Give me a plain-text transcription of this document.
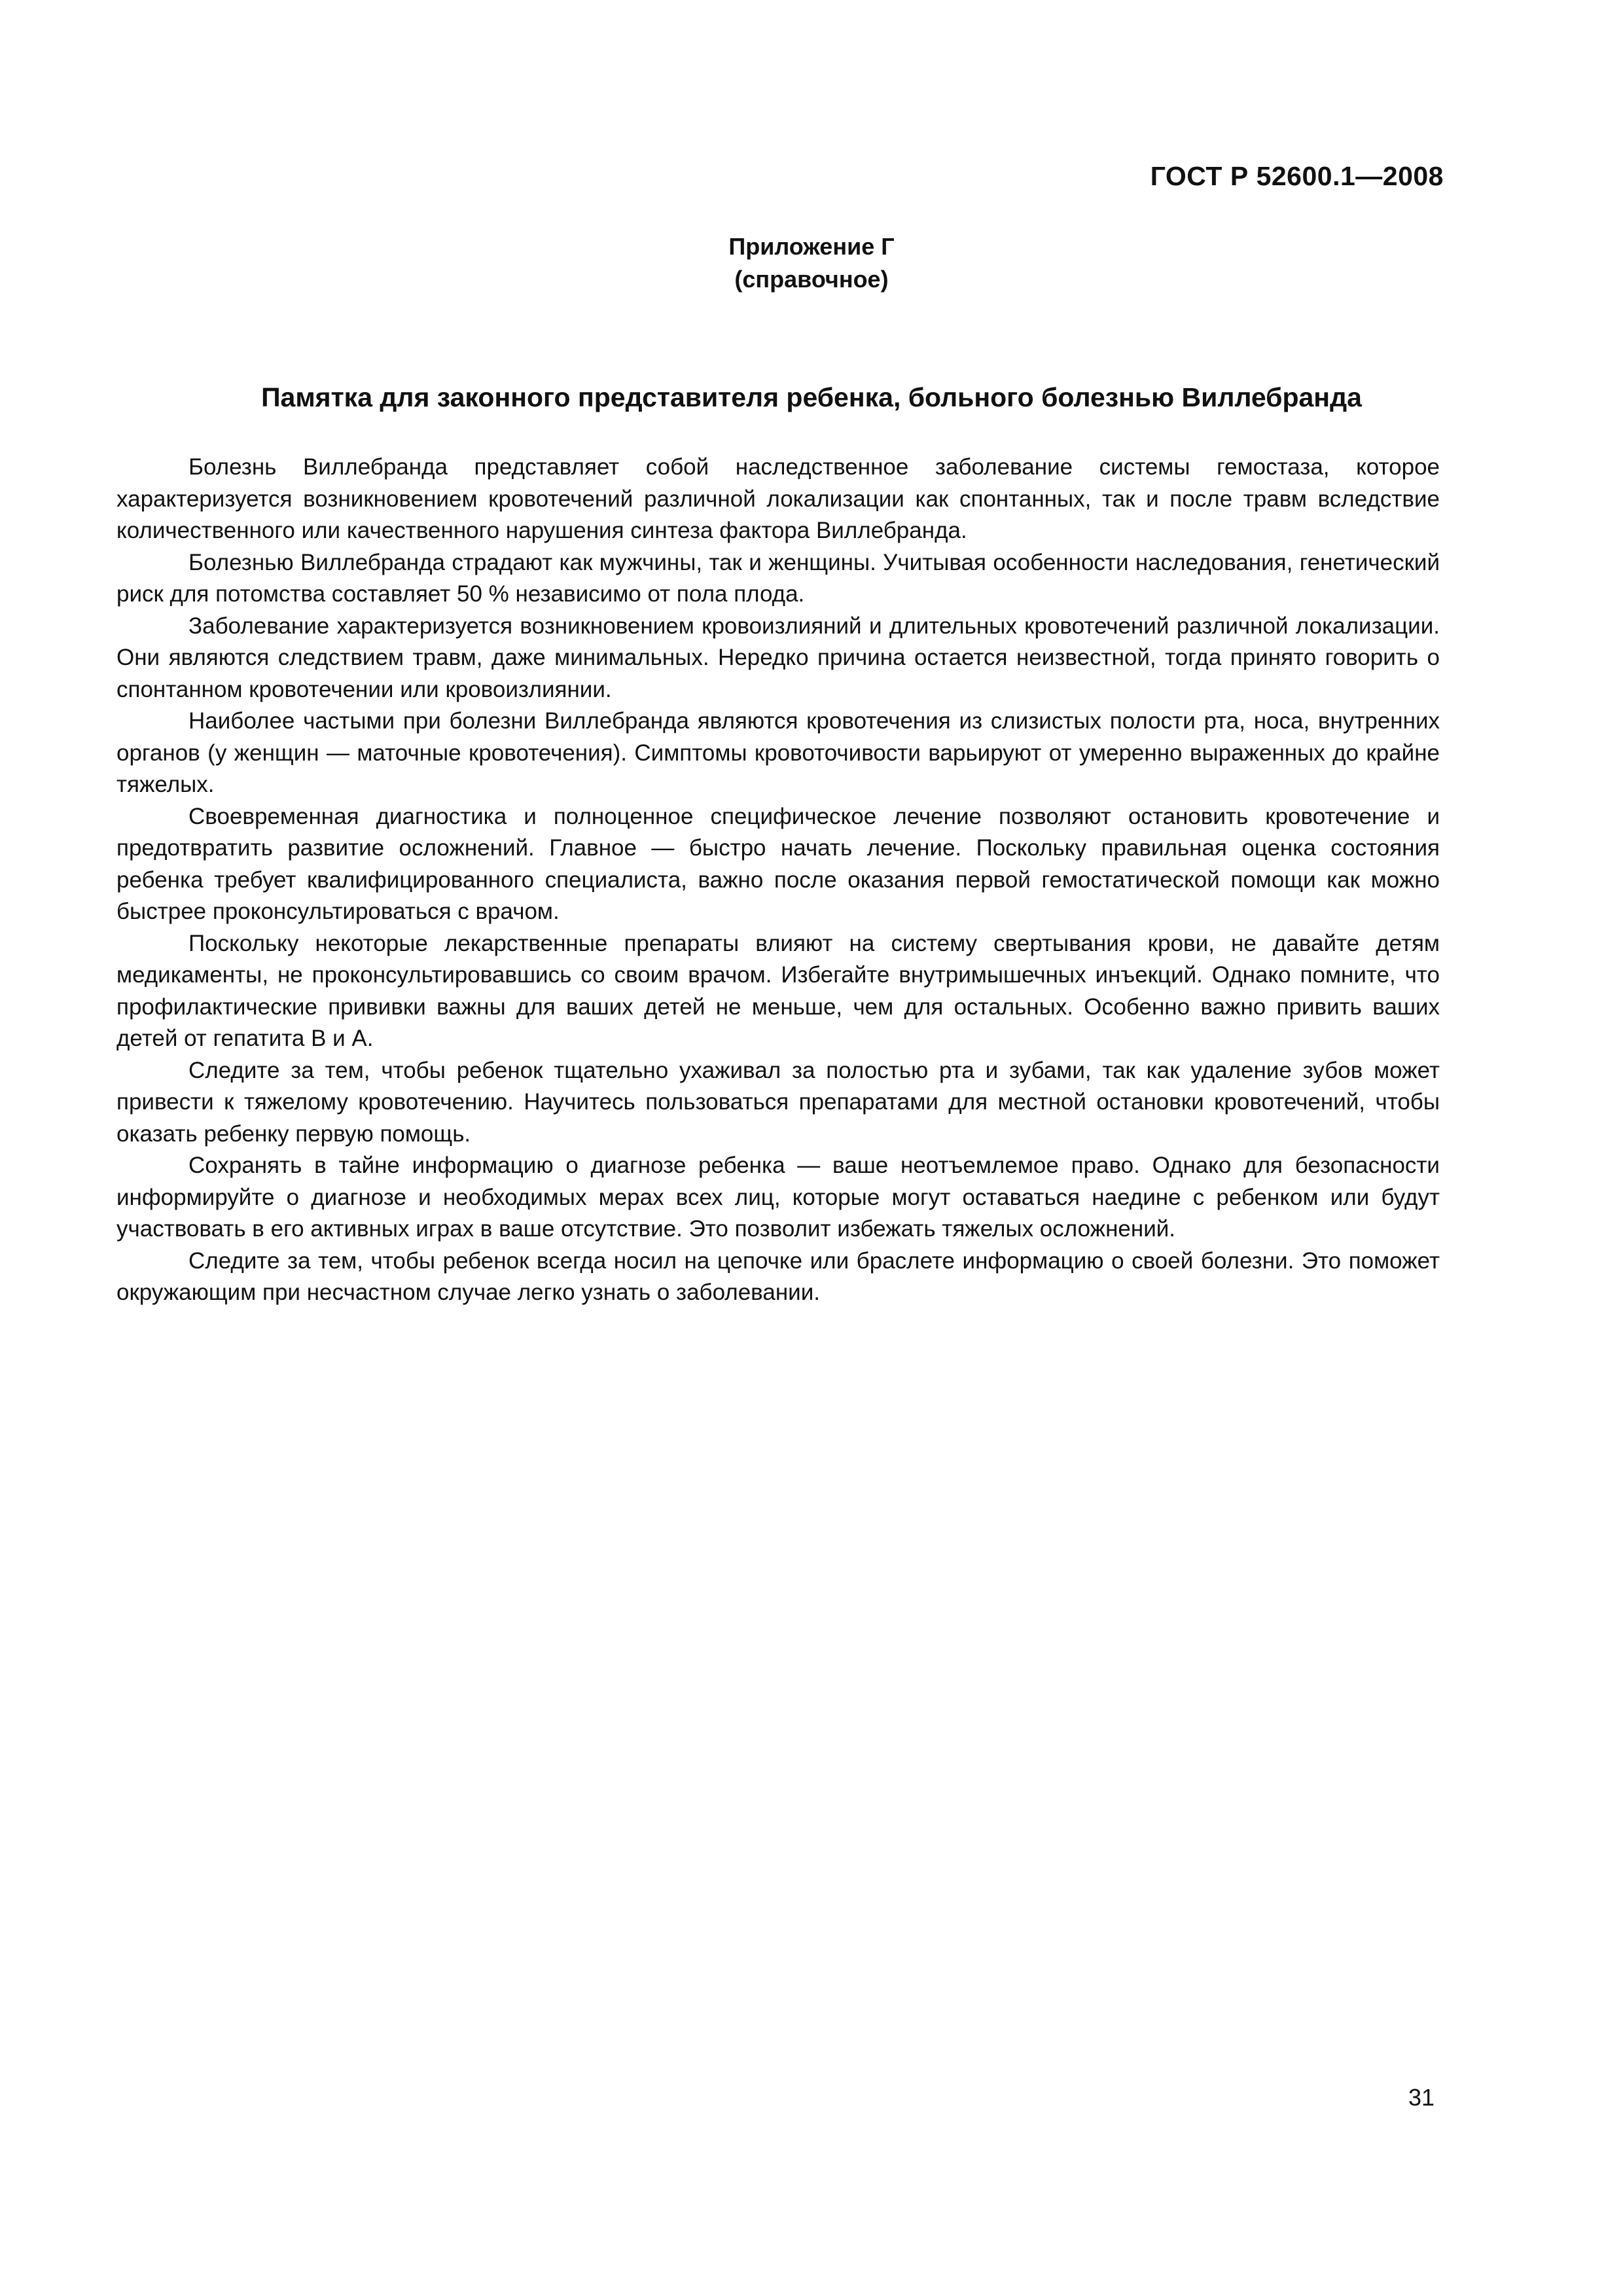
ГОСТ Р 52600.1—2008

Приложение Г
(справочное)
Памятка для законного представителя ребенка, больного болезнью Виллебранда

Болезнь Виллебранда представляет собой наследственное заболевание системы гемостаза, которое характеризуется возникновением кровотечений различной локализации как спонтанных, так и после травм вследствие количественного или качественного нарушения синтеза фактора Виллебранда.

Болезнью Виллебранда страдают как мужчины, так и женщины. Учитывая особенности наследования, генетический риск для потомства составляет 50 % независимо от пола плода.

Заболевание характеризуется возникновением кровоизлияний и длительных кровотечений различной локализации. Они являются следствием травм, даже минимальных. Нередко причина остается неизвестной, тогда принято говорить о спонтанном кровотечении или кровоизлиянии.

Наиболее частыми при болезни Виллебранда являются кровотечения из слизистых полости рта, носа, внутренних органов (у женщин — маточные кровотечения). Симптомы кровоточивости варьируют от умеренно выраженных до крайне тяжелых.

Своевременная диагностика и полноценное специфическое лечение позволяют остановить кровотечение и предотвратить развитие осложнений. Главное — быстро начать лечение. Поскольку правильная оценка состояния ребенка требует квалифицированного специалиста, важно после оказания первой гемостатической помощи как можно быстрее проконсультироваться с врачом.

Поскольку некоторые лекарственные препараты влияют на систему свертывания крови, не давайте детям медикаменты, не проконсультировавшись со своим врачом. Избегайте внутримышечных инъекций. Однако помните, что профилактические прививки важны для ваших детей не меньше, чем для остальных. Особенно важно привить ваших детей от гепатита В и А.

Следите за тем, чтобы ребенок тщательно ухаживал за полостью рта и зубами, так как удаление зубов может привести к тяжелому кровотечению. Научитесь пользоваться препаратами для местной остановки кровотечений, чтобы оказать ребенку первую помощь.

Сохранять в тайне информацию о диагнозе ребенка — ваше неотъемлемое право. Однако для безопасности информируйте о диагнозе и необходимых мерах всех лиц, которые могут оставаться наедине с ребенком или будут участвовать в его активных играх в ваше отсутствие. Это позволит избежать тяжелых осложнений.

Следите за тем, чтобы ребенок всегда носил на цепочке или браслете информацию о своей болезни. Это поможет окружающим при несчастном случае легко узнать о заболевании.

31
